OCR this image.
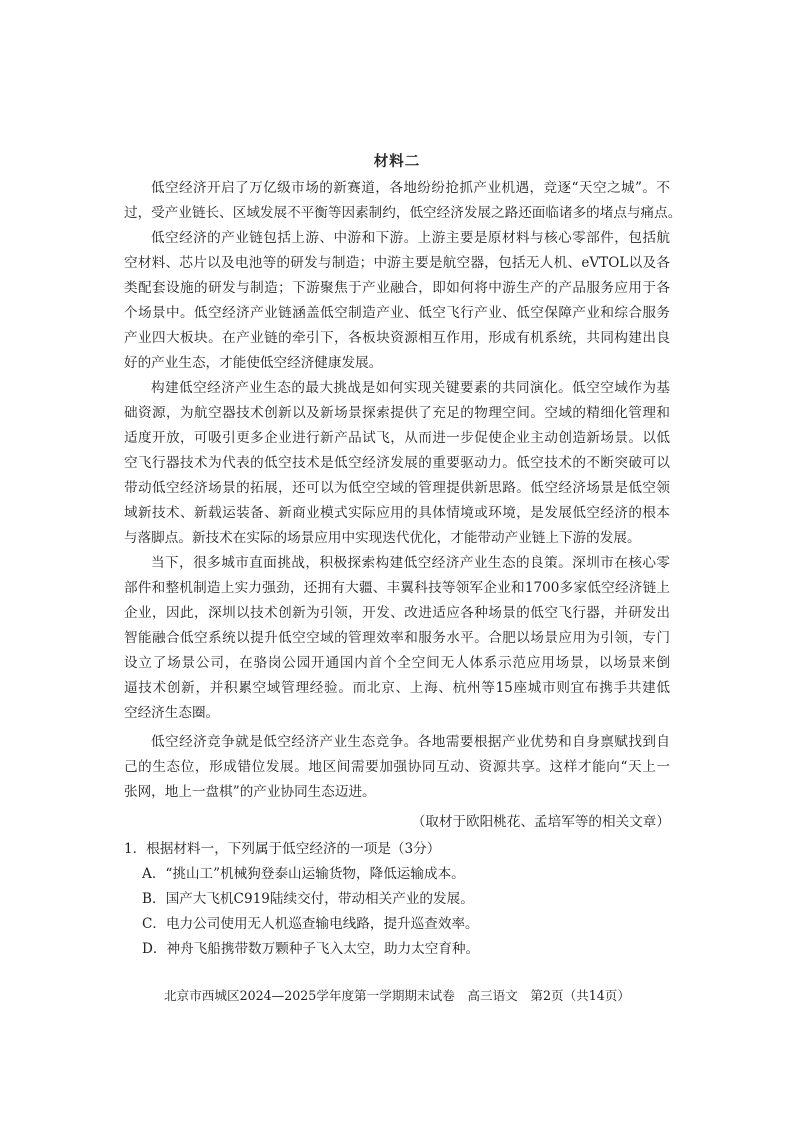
材料二
低空经济开启了万亿级市场的新赛道，各地纷纷抢抓产业机遇，竞逐“天空之城”。不
过，受产业链长、区域发展不平衡等因素制约，低空经济发展之路还面临诸多的堵点与痛点。
低空经济的产业链包括上游、中游和下游。上游主要是原材料与核心零部件，包括航
空材料、芯片以及电池等的研发与制造；中游主要是航空器，包括无人机、eVTOL以及各
类配套设施的研发与制造；下游聚焦于产业融合，即如何将中游生产的产品服务应用于各
个场景中。低空经济产业链涵盖低空制造产业、低空飞行产业、低空保障产业和综合服务
产业四大板块。在产业链的牵引下，各板块资源相互作用，形成有机系统，共同构建出良
好的产业生态，才能使低空经济健康发展。
构建低空经济产业生态的最大挑战是如何实现关键要素的共同演化。低空空域作为基
础资源，为航空器技术创新以及新场景探索提供了充足的物理空间。空域的精细化管理和
适度开放，可吸引更多企业进行新产品试飞，从而进一步促使企业主动创造新场景。以低
空飞行器技术为代表的低空技术是低空经济发展的重要驱动力。低空技术的不断突破可以
带动低空经济场景的拓展，还可以为低空空域的管理提供新思路。低空经济场景是低空领
域新技术、新载运装备、新商业模式实际应用的具体情境或环境，是发展低空经济的根本
与落脚点。新技术在实际的场景应用中实现迭代优化，才能带动产业链上下游的发展。
当下，很多城市直面挑战，积极探索构建低空经济产业生态的良策。深圳市在核心零
部件和整机制造上实力强劲，还拥有大疆、丰翼科技等领军企业和1700多家低空经济链上
企业，因此，深圳以技术创新为引领，开发、改进适应各种场景的低空飞行器，并研发出
智能融合低空系统以提升低空空域的管理效率和服务水平。合肥以场景应用为引领，专门
设立了场景公司，在骆岗公园开通国内首个全空间无人体系示范应用场景，以场景来倒
逼技术创新，并积累空域管理经验。而北京、上海、杭州等15座城市则宜布携手共建低
空经济生态圈。
低空经济竞争就是低空经济产业生态竞争。各地需要根据产业优势和自身禀赋找到自
己的生态位，形成错位发展。地区间需要加强协同互动、资源共享。这样才能向“天上一
张网，地上一盘棋”的产业协同生态迈进。
（取材于欧阳桃花、孟培军等的相关文章）
1．根据材料一，下列属于低空经济的一项是（3分）
A．“挑山工”机械狗登泰山运输货物，降低运输成本。
B．国产大飞机C919陆续交付，带动相关产业的发展。
C．电力公司使用无人机巡查输电线路，提升巡查效率。
D．神舟飞船携带数万颗种子飞入太空，助力太空育种。
北京市西城区2024—2025学年度第一学期期末试卷　高三语文　第2页（共14页）
